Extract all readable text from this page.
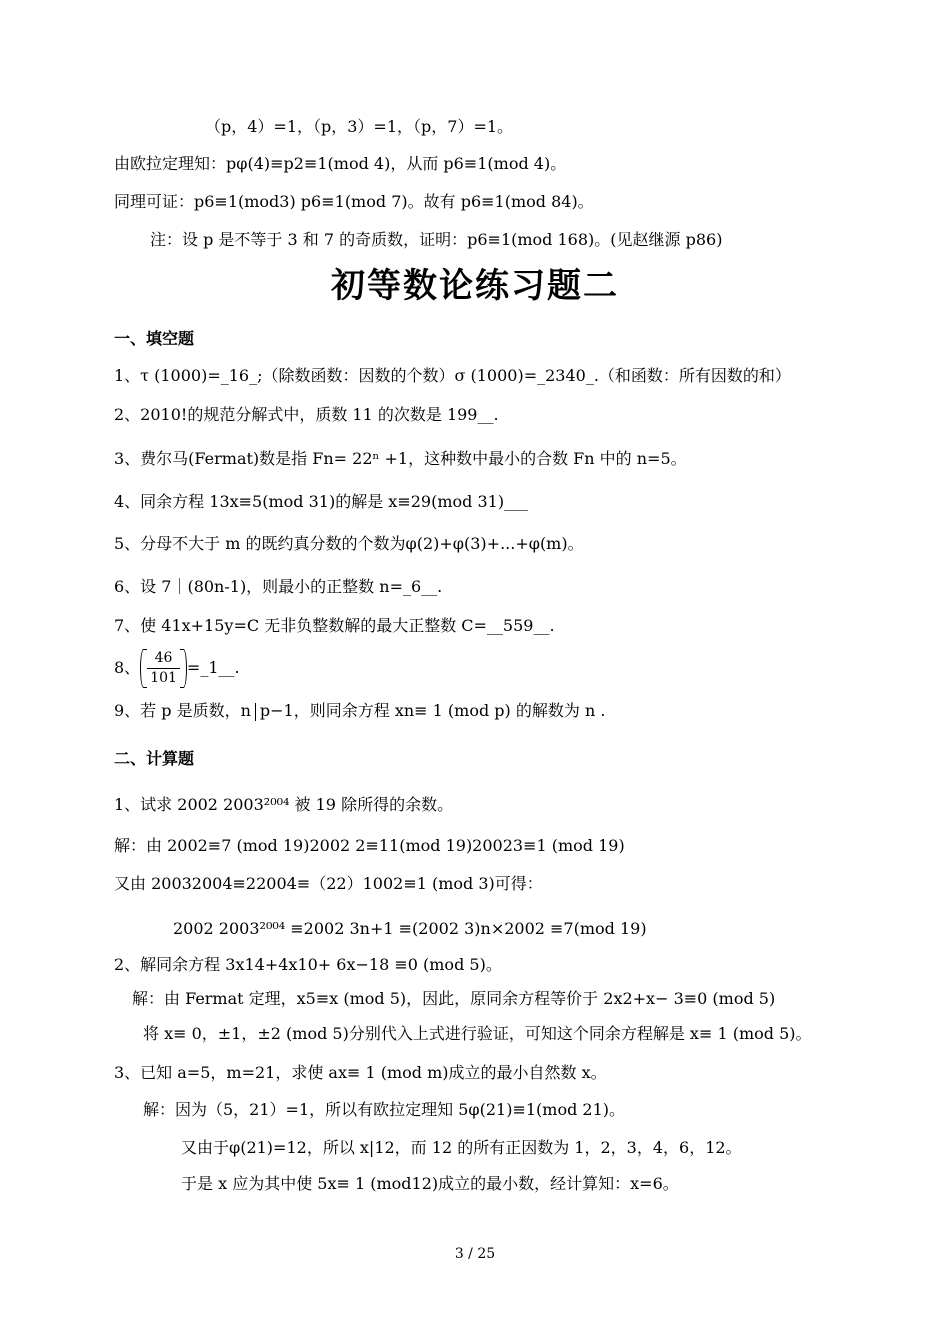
（p，4）=1，（p，3）=1，（p，7）=1。
由欧拉定理知：pφ(4)≡p2≡1(mod 4)，从而 p6≡1(mod 4)。
同理可证：p6≡1(mod3) p6≡1(mod 7)。故有 p6≡1(mod 84)。
注：设 p 是不等于 3 和 7 的奇质数，证明：p6≡1(mod 168)。(见赵继源 p86)
初等数论练习题二
一、填空题
1、τ (1000)=_16_;（除数函数：因数的个数）σ (1000)=_2340_.（和函数：所有因数的和）
2、2010!的规范分解式中，质数 11 的次数是 199__.
3、费尔马(Fermat)数是指 Fn= 22ⁿ +1，这种数中最小的合数 Fn 中的 n=5。
4、同余方程 13x≡5(mod 31)的解是 x≡29(mod 31)___
5、分母不大于 m 的既约真分数的个数为φ(2)+φ(3)+...+φ(m)。
6、设 7｜(80n-1)，则最小的正整数 n=_6__.
7、使 41x+15y=C 无非负整数解的最大正整数 C=__559__.
8、 $\frac{46}{101}$ =_1__.
9、若 p 是质数，n p−1，则同余方程 xn≡ 1 (mod p) 的解数为 n .
二、计算题
1、试求 2002 2003²⁰⁰⁴ 被 19 除所得的余数。
解：由 2002≡7 (mod 19)2002 2≡11(mod 19)20023≡1 (mod 19)
又由 20032004≡22004≡（22）1002≡1 (mod 3)可得：
2002 2003²⁰⁰⁴ ≡2002 3n+1 ≡(2002 3)n×2002 ≡7(mod 19)
2、解同余方程 3x14+4x10+ 6x−18 ≡0 (mod 5)。
解：由 Fermat 定理，x5≡x (mod 5)，因此，原同余方程等价于 2x2+x− 3≡0 (mod 5)
将 x≡ 0，±1，±2 (mod 5)分别代入上式进行验证，可知这个同余方程解是 x≡ 1 (mod 5)。
3、已知 a=5，m=21，求使 ax≡ 1 (mod m)成立的最小自然数 x。
解：因为（5，21）=1，所以有欧拉定理知 5φ(21)≡1(mod 21)。
又由于φ(21)=12，所以 x|12，而 12 的所有正因数为 1，2，3，4，6，12。
于是 x 应为其中使 5x≡ 1 (mod12)成立的最小数，经计算知：x=6。
3 / 25
